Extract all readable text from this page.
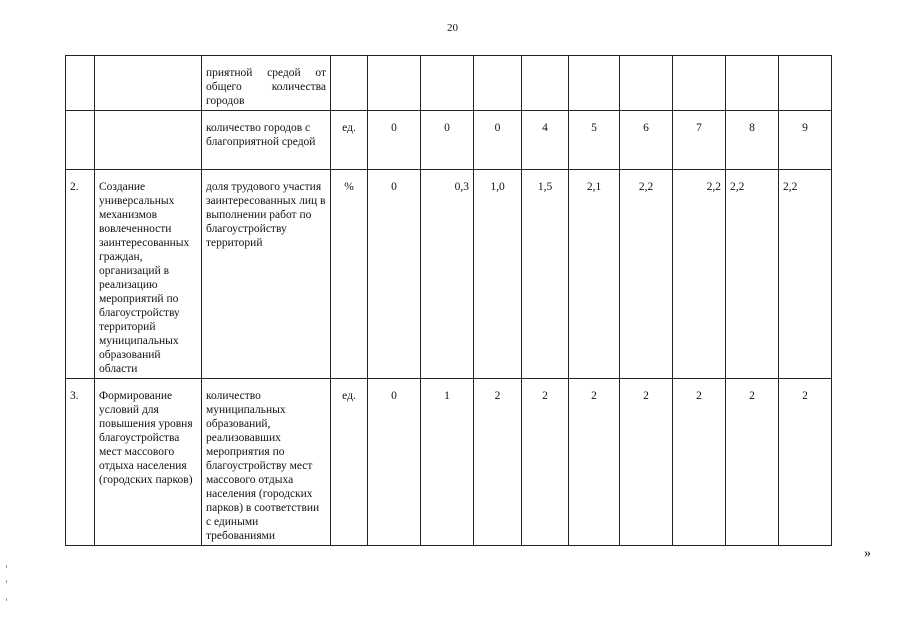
20
		приятной средой от общего количества городов										
		количество городов с благоприятной средой	ед.	0	0	0	4	5	6	7	8	9
2.	Создание универсальных механизмов вовлеченности заинтересованных граждан, организаций в реализацию мероприятий по благоустройству территорий муниципальных образований области	доля трудового участия заинтересованных лиц в выполнении работ по благоустройству территорий	%	0	0,3	1,0	1,5	2,1	2,2	2,2	2,2	2,2
3.	Формирование условий для повышения уровня благоустройства мест массового отдыха населения (городских парков)	количество муниципальных образований, реализовавших мероприятия по благоустройству мест массового отдыха населения (городских парков) в соответствии с едиными требованиями	ед.	0	1	2	2	2	2	2	2	2
»
